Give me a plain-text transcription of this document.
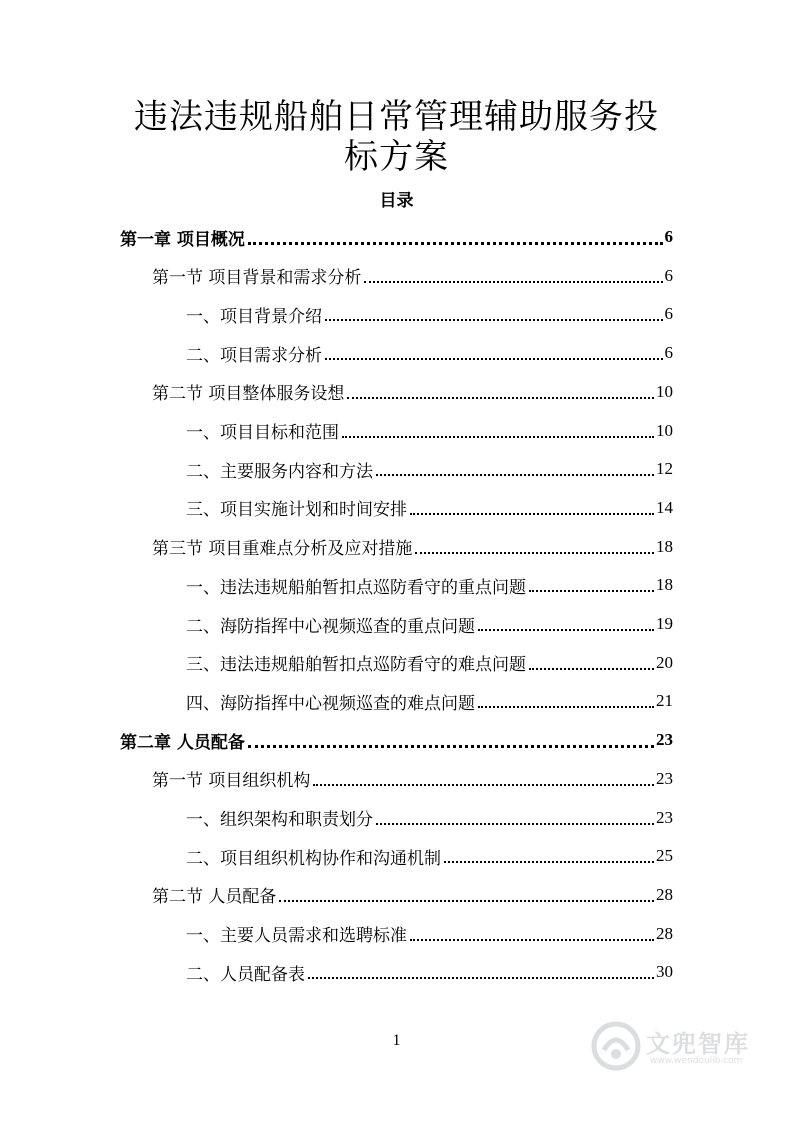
违法违规船舶日常管理辅助服务投
标方案
目录
第一章 项目概况	6
第一节 项目背景和需求分析	6
一、项目背景介绍	6
二、项目需求分析	6
第二节 项目整体服务设想	10
一、项目目标和范围	10
二、主要服务内容和方法	12
三、项目实施计划和时间安排	14
第三节 项目重难点分析及应对措施	18
一、违法违规船舶暂扣点巡防看守的重点问题	18
二、海防指挥中心视频巡查的重点问题	19
三、违法违规船舶暂扣点巡防看守的难点问题	20
四、海防指挥中心视频巡查的难点问题	21
第二章 人员配备	23
第一节 项目组织机构	23
一、组织架构和职责划分	23
二、项目组织机构协作和沟通机制	25
第二节 人员配备	28
一、主要人员需求和选聘标准	28
二、人员配备表	30
1	文兜智库
www.wendoulib.com
